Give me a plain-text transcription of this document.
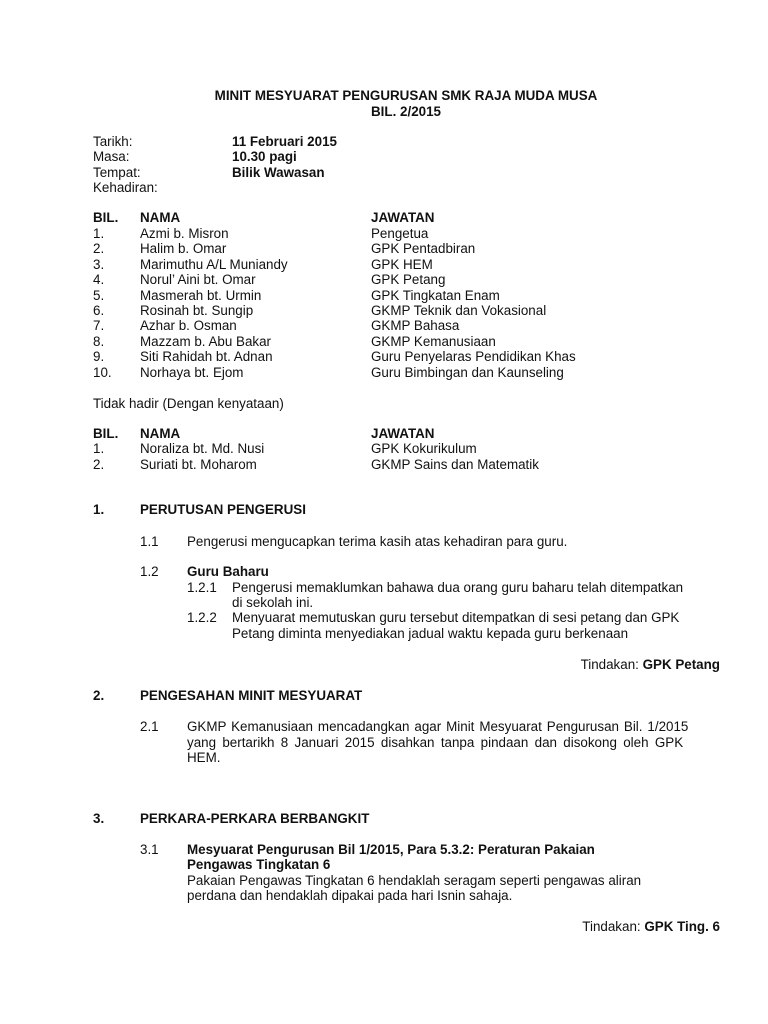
MINIT MESYUARAT PENGURUSAN SMK RAJA MUDA MUSA
BIL. 2/2015
Tarikh:	11 Februari 2015
Masa:	10.30 pagi
Tempat:	Bilik Wawasan
Kehadiran:
BIL. NAMA	JAWATAN
1.	Azmi b. Misron	Pengetua
2.	Halim b. Omar	GPK Pentadbiran
3.	Marimuthu A/L Muniandy	GPK HEM
4.	Norul’ Aini bt. Omar	GPK Petang
5.	Masmerah bt. Urmin	GPK Tingkatan Enam
6.	Rosinah bt. Sungip	GKMP Teknik dan Vokasional
7.	Azhar b. Osman	GKMP Bahasa
8.	Mazzam b. Abu Bakar	GKMP Kemanusiaan
9.	Siti Rahidah bt. Adnan	Guru Penyelaras Pendidikan Khas
10. Norhaya bt. Ejom	Guru Bimbingan dan Kaunseling
Tidak hadir (Dengan kenyataan)
BIL. NAMA	JAWATAN
1.	Noraliza bt. Md. Nusi	GPK Kokurikulum
2.	Suriati bt. Moharom	GKMP Sains dan Matematik
1.	PERUTUSAN PENGERUSI
1.1 Pengerusi mengucapkan terima kasih atas kehadiran para guru.
1.2 Guru Baharu
1.2.1 Pengerusi memaklumkan bahawa dua orang guru baharu telah ditempatkan
di sekolah ini.
1.2.2 Menyuarat memutuskan guru tersebut ditempatkan di sesi petang dan GPK
Petang diminta menyediakan jadual waktu kepada guru berkenaan
Tindakan: GPK Petang
2.	PENGESAHAN MINIT MESYUARAT
2.1 GKMP Kemanusiaan mencadangkan agar Minit Mesyuarat Pengurusan Bil. 1/2015
yang bertarikh 8 Januari 2015 disahkan tanpa pindaan dan disokong oleh GPK
HEM.
3.	PERKARA-PERKARA BERBANGKIT
3.1 Mesyuarat Pengurusan Bil 1/2015, Para 5.3.2: Peraturan Pakaian
Pengawas Tingkatan 6
Pakaian Pengawas Tingkatan 6 hendaklah seragam seperti pengawas aliran
perdana dan hendaklah dipakai pada hari Isnin sahaja.
Tindakan: GPK Ting. 6
